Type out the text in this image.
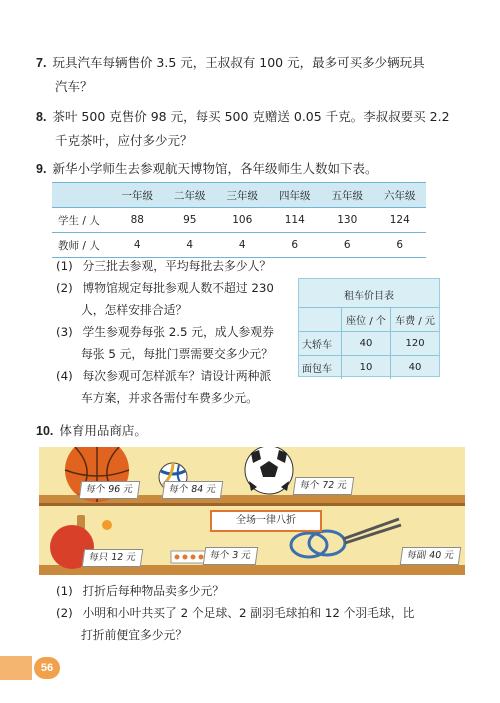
7. 玩具汽车每辆售价 3.5 元，王叔叔有 100 元，最多可买多少辆玩具
汽车？
8. 茶叶 500 克售价 98 元，每买 500 克赠送 0.05 千克。李叔叔要买 2.2
千克茶叶，应付多少元？
9. 新华小学师生去参观航天博物馆，各年级师生人数如下表。
	一年级	二年级	三年级	四年级	五年级	六年级
学生 / 人	88	95	106	114	130	124
教师 / 人	4	4	4	6	6	6
(1) 分三批去参观，平均每批去多少人？
(2) 博物馆规定每批参观人数不超过 230
人，怎样安排合适？
(3) 学生参观券每张 2.5 元，成人参观券
每张 5 元，每批门票需要交多少元？
(4) 每次参观可怎样派车？请设计两种派
车方案，并求各需付车费多少元。
租车价目表
	座位 / 个	车费 / 元
大轿车	40	120
面包车	10	40
10. 体育用品商店。
每个 96 元	每个 84 元	每个 72 元
每只 12 元	每个 3 元	每副 40 元
全场一律八折
(1) 打折后每种物品卖多少元？
(2) 小明和小叶共买了 2 个足球、2 副羽毛球拍和 12 个羽毛球，比
打折前便宜多少元？
56
